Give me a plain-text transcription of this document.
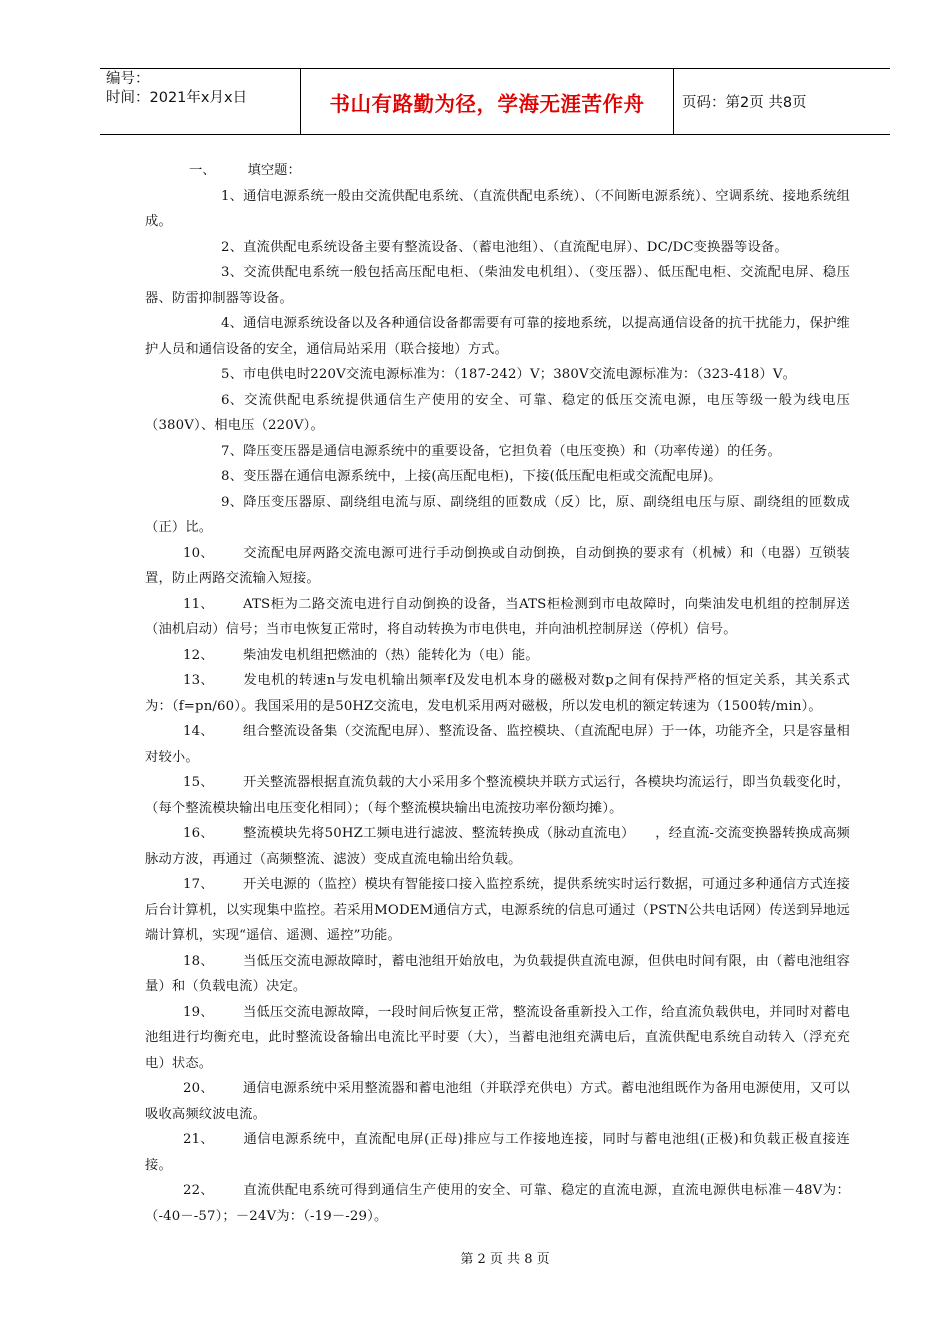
编号：
时间：2021年x月x日	书山有路勤为径，学海无涯苦作舟	页码：第2页 共8页
一、 填空题：

1、通信电源系统一般由交流供配电系统、（直流供配电系统）、（不间断电源系统）、空调系统、接地系统组成。

2、直流供配电系统设备主要有整流设备、（蓄电池组）、（直流配电屏）、DC/DC变换器等设备。

3、交流供配电系统一般包括高压配电柜、（柴油发电机组）、（变压器）、低压配电柜、交流配电屏、稳压器、防雷抑制器等设备。

4、通信电源系统设备以及各种通信设备都需要有可靠的接地系统，以提高通信设备的抗干扰能力，保护维护人员和通信设备的安全，通信局站采用（联合接地）方式。

5、市电供电时220V交流电源标准为：（187-242）V；380V交流电源标准为：（323-418）V。

6、交流供配电系统提供通信生产使用的安全、可靠、稳定的低压交流电源，电压等级一般为线电压（380V）、相电压（220V）。

7、降压变压器是通信电源系统中的重要设备，它担负着（电压变换）和（功率传递）的任务。

8、变压器在通信电源系统中，上接(高压配电柜)，下接(低压配电柜或交流配电屏)。

9、降压变压器原、副绕组电流与原、副绕组的匝数成（反）比，原、副绕组电压与原、副绕组的匝数成（正）比。

10、 交流配电屏两路交流电源可进行手动倒换或自动倒换，自动倒换的要求有（机械）和（电器）互锁装置，防止两路交流输入短接。

11、 ATS柜为二路交流电进行自动倒换的设备，当ATS柜检测到市电故障时，向柴油发电机组的控制屏送（油机启动）信号；当市电恢复正常时，将自动转换为市电供电，并向油机控制屏送（停机）信号。

12、 柴油发电机组把燃油的（热）能转化为（电）能。

13、 发电机的转速n与发电机输出频率f及发电机本身的磁极对数p之间有保持严格的恒定关系，其关系式为：（f=pn/60）。我国采用的是50HZ交流电，发电机采用两对磁极，所以发电机的额定转速为（1500转/min）。

14、 组合整流设备集（交流配电屏）、整流设备、监控模块、（直流配电屏）于一体，功能齐全，只是容量相对较小。

15、 开关整流器根据直流负载的大小采用多个整流模块并联方式运行，各模块均流运行，即当负载变化时，（每个整流模块输出电压变化相同）；（每个整流模块输出电流按功率份额均摊）。

16、 整流模块先将50HZ工频电进行滤波、整流转换成（脉动直流电）　　，经直流-交流变换器转换成高频脉动方波，再通过（高频整流、滤波）变成直流电输出给负载。

17、 开关电源的（监控）模块有智能接口接入监控系统，提供系统实时运行数据，可通过多种通信方式连接后台计算机，以实现集中监控。若采用MODEM通信方式，电源系统的信息可通过（PSTN公共电话网）传送到异地远端计算机，实现“遥信、遥测、遥控”功能。

18、 当低压交流电源故障时，蓄电池组开始放电，为负载提供直流电源，但供电时间有限，由（蓄电池组容量）和（负载电流）决定。

19、 当低压交流电源故障，一段时间后恢复正常，整流设备重新投入工作，给直流负载供电，并同时对蓄电池组进行均衡充电，此时整流设备输出电流比平时要（大），当蓄电池组充满电后，直流供配电系统自动转入（浮充充电）状态。

20、 通信电源系统中采用整流器和蓄电池组（并联浮充供电）方式。蓄电池组既作为备用电源使用，又可以吸收高频纹波电流。

21、 通信电源系统中，直流配电屏(正母)排应与工作接地连接，同时与蓄电池组(正极)和负载正极直接连接。

22、 直流供配电系统可得到通信生产使用的安全、可靠、稳定的直流电源，直流电源供电标准－48V为：（-40－-57）；－24V为：（-19－-29）。

第 2 页 共 8 页
